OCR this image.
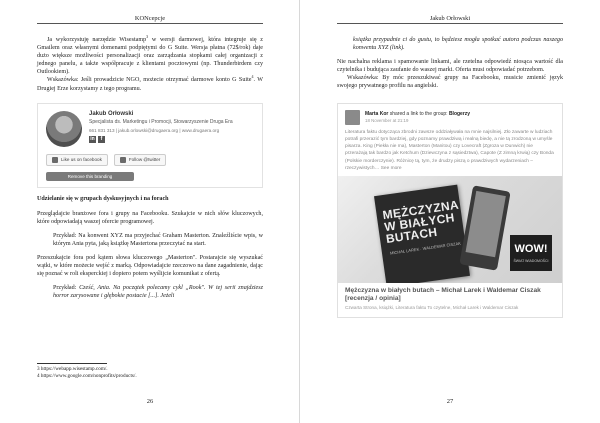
KONcepcje

Ja wykorzystuję narzędzie Wisestamp$^3$ w wersji darmowej, która integruje się z Gmailem oraz własnymi domenami podpiętymi do G Suite. Wersja płatna (72$/rok) daje dużo większe możliwości personalizacji oraz zarządzania stopkami całej organizacji z jednego panelu, a także współpracuje z klientami pocztowymi (np. Thunderbirdem czy Outlookiem).

Wskazówka: Jeśli prowadzicie NGO, możecie otrzymać darmowe konto G Suite$^4$. W Drugiej Erze korzystamy z tego programu.

Jakub Orłowski
Specjalista ds. Marketingu i Promocji, Stowarzyszenie Druga Era
661 831 313 | jakub.orlowski@drugaera.org | www.drugaera.org
in	f
Like us on facebook	Follow @twitter
Remove this branding
Udzielanie się w grupach dyskusyjnych i na forach

Przeglądajcie branżowe fora i grupy na Facebooku. Szukajcie w nich słów kluczowych, które odpowiadają waszej ofercie programowej.

Przykład: Na konwent XYZ ma przyjechać Graham Masterton. Znaleźliście wpis, w którym Ania pyta, jaką książkę Mastertona przeczytać na start.

Przeszukajcie fora pod kątem słowa kluczowego „Masterton". Postarajcie się wyszukać wątki, w które możecie wejść z marką. Odpowiadajcie rzeczowo na dane zagadnienie, dając się poznać w roli eksperckiej i dopiero potem wyślijcie komunikat z ofertą.

Przykład: Cześć, Ania. Na początek polecamy cykl „Rook". W tej serii znajdziesz horror zarysowane i głębokie postacie [...]. Jeżeli

26
3 https://webapp.wisestamp.com/.
4 https://www.google.com/nonprofits/products/.
Jakub Orłowski

książka przypadnie ci do gustu, to będziesz mogła spotkać autora podczas naszego konwentu XYZ (link).

Nie nachalna reklama i spamowanie linkami, ale rzetelna odpowiedź niosąca wartość dla czytelnika i budująca zaufanie do waszej marki. Oferta musi odpowiadać potrzebom.

Wskazówka: By móc przeszukiwać grupy na Facebooku, musicie zmienić język swojego prywatnego profilu na angielski.

Marta Kor shared a link to the group: Blogerzy
18 November at 21:19
Literatura faktu dotycząca zbrodni zawsze oddziaływała na mnie najsilniej. Zło zawarte w ludziach potrafi przerazić tym bardziej, gdy poznamy prawdziwą i realną biedę, a nie tą zrodzoną w umyśle pisarza. King (Piekła nie ma), Masterton (Manitou) czy Lovecraft (Zgroza w Dunwich) nie przerażają tak bardzo jak Ketchum (Dziewczyna z sąsiedztwa), Capote (Z zimną krwią) czy Bonda (Polskie morderczynie). Różnicę tą, tym, że drudzy piszą o prawdziwych wydarzeniach – rzeczywistych… See more
MĘŻCZYZNA W BIAŁYCH BUTACH
MICHAŁ LAREK · WALDEMAR CISZAK	WOW!
ŚWIAT WIADOMOŚCI
Mężczyzna w białych butach – Michał Larek i Waldemar Ciszak [recenzja / opinia]
Czwarta Strona, książki, Literatura faktu To czytelne, Michał Larek i Waldemar Ciszak
27
